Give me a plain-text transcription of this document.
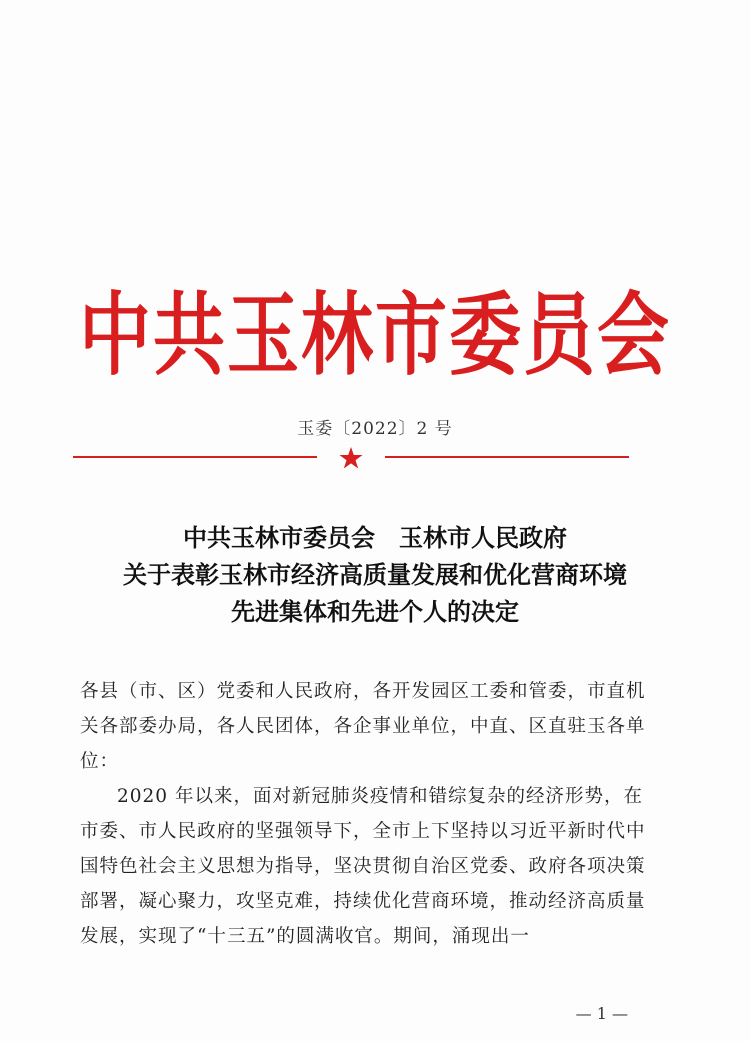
中共玉林市委员会
玉委〔2022〕2 号
中共玉林市委员会　玉林市人民政府
关于表彰玉林市经济高质量发展和优化营商环境
先进集体和先进个人的决定

各县（市、区）党委和人民政府，各开发园区工委和管委，市直机关各部委办局，各人民团体，各企事业单位，中直、区直驻玉各单位：

2020 年以来，面对新冠肺炎疫情和错综复杂的经济形势，在市委、市人民政府的坚强领导下，全市上下坚持以习近平新时代中国特色社会主义思想为指导，坚决贯彻自治区党委、政府各项决策部署，凝心聚力，攻坚克难，持续优化营商环境，推动经济高质量发展，实现了“十三五”的圆满收官。期间，涌现出一

— 1 —
